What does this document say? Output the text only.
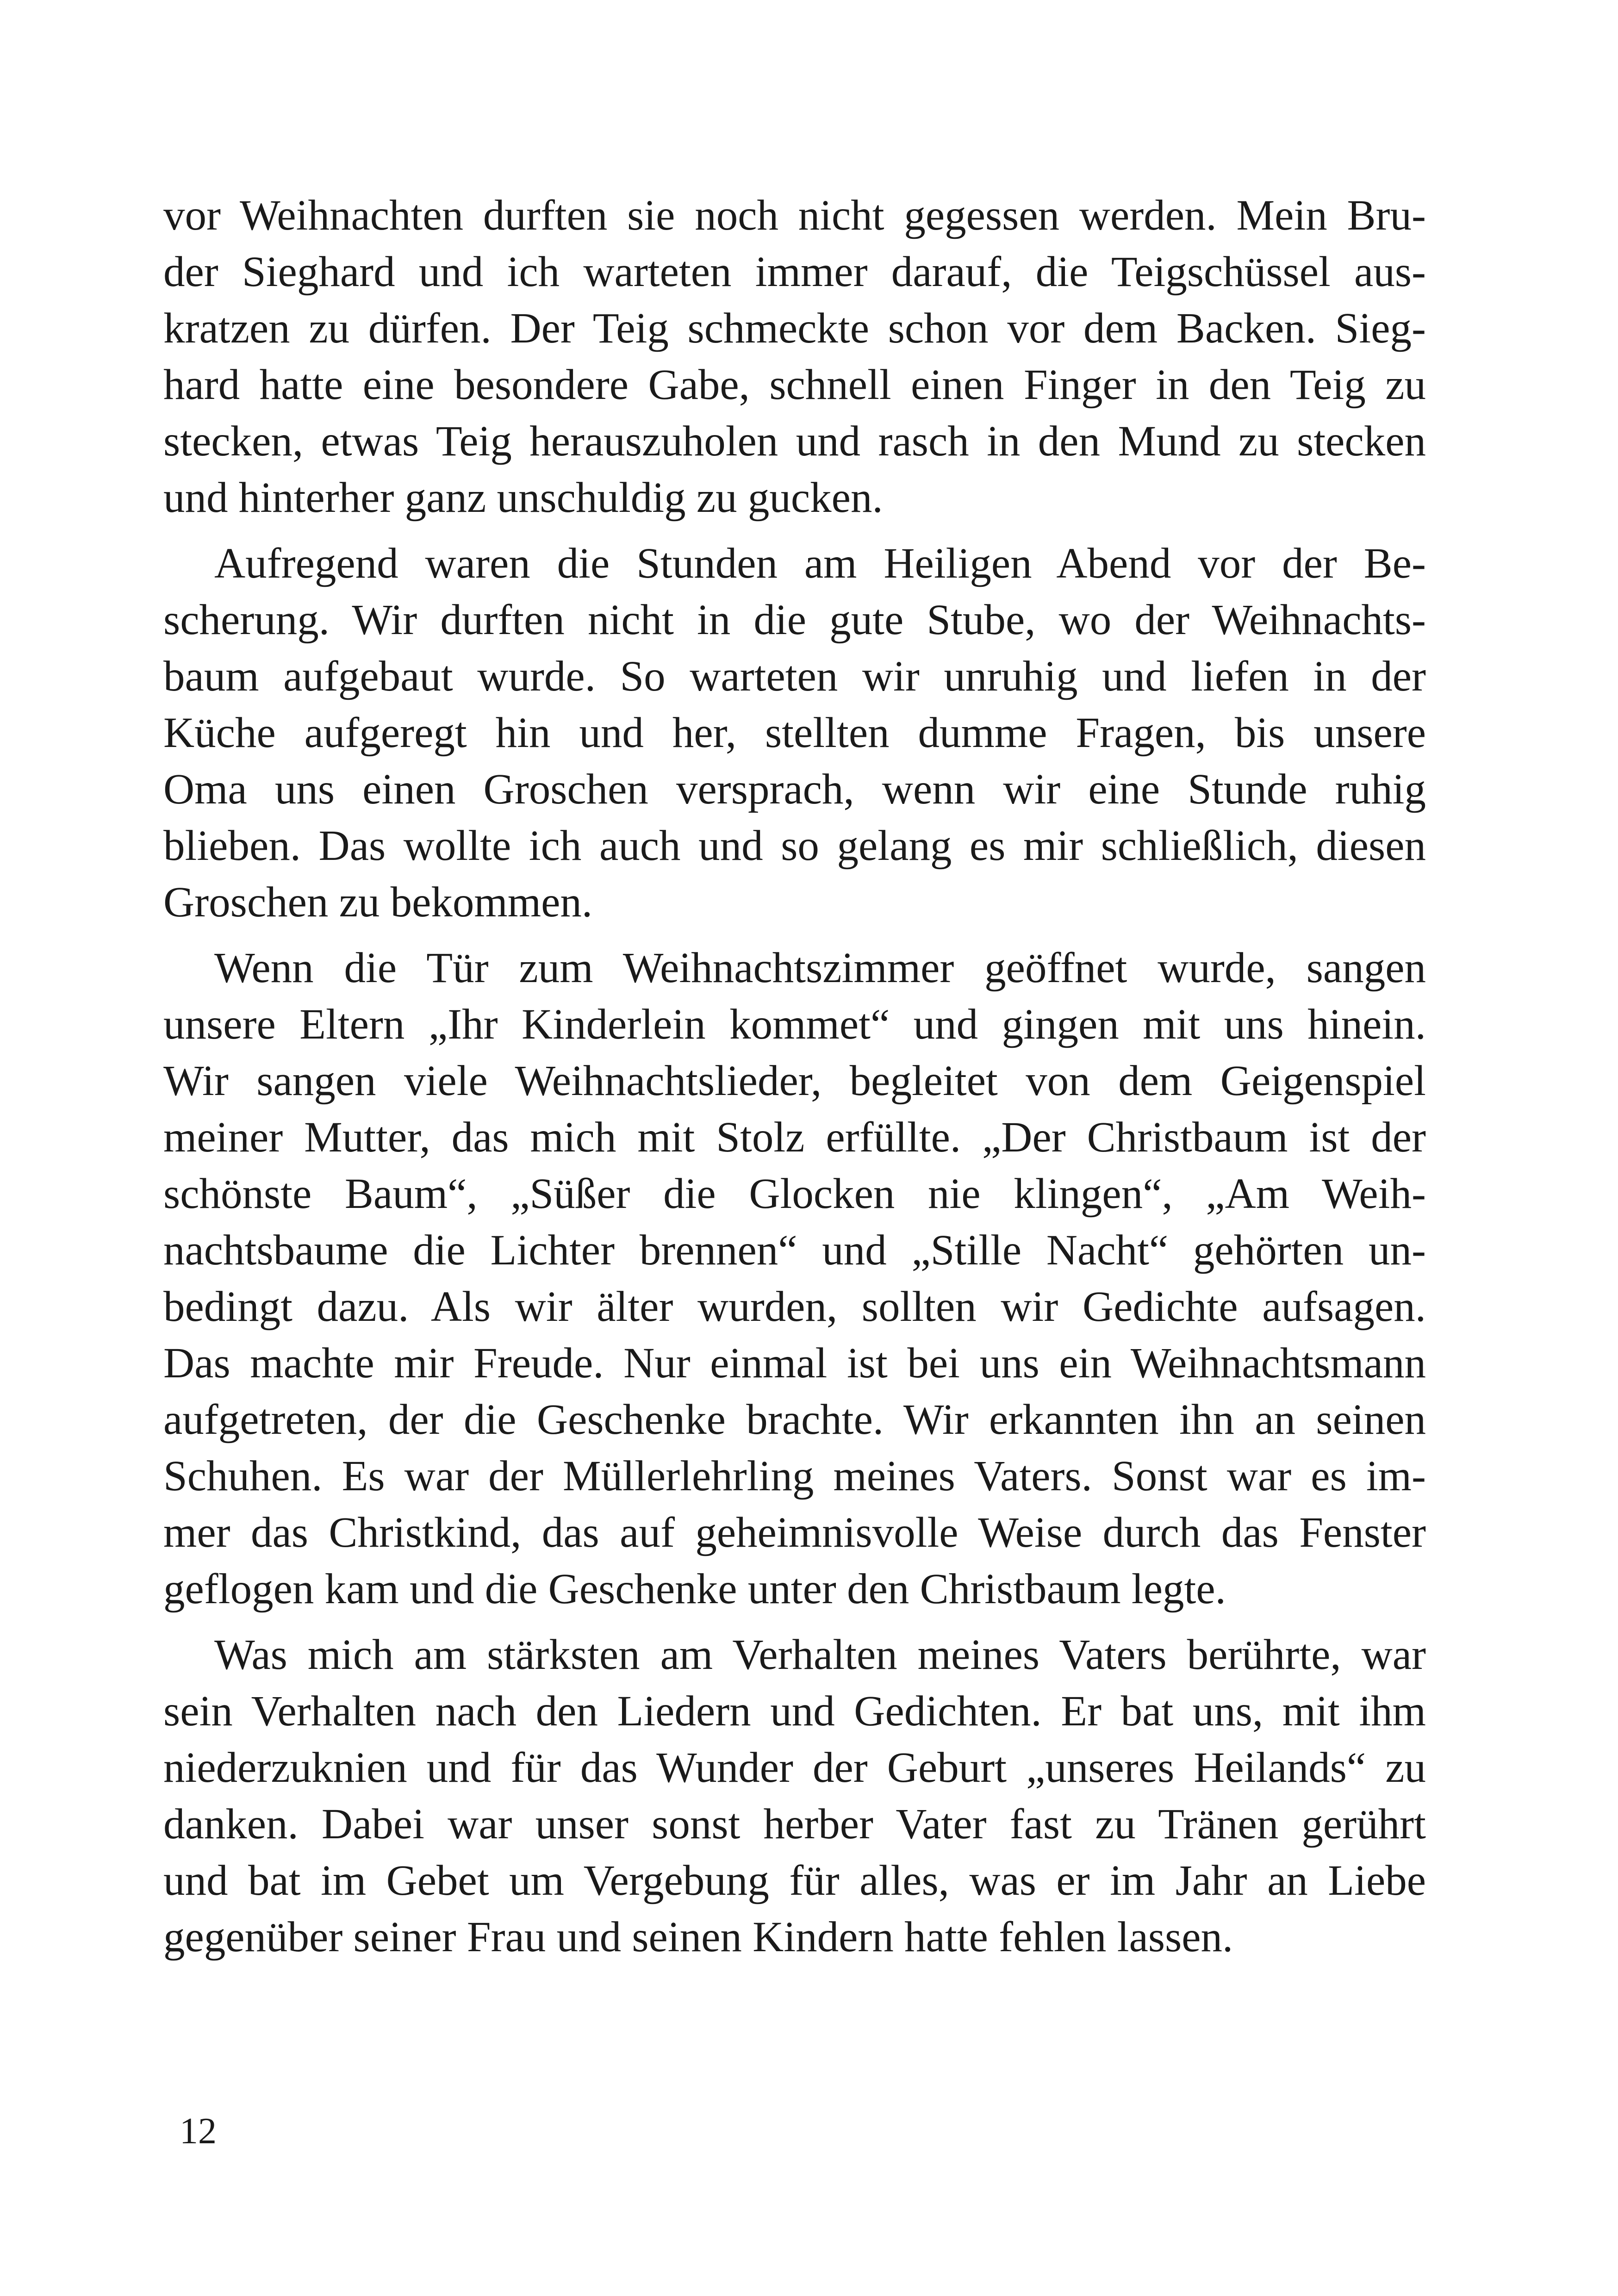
vor Weihnachten durften sie noch nicht gegessen werden. Mein Bru-
der Sieghard und ich warteten immer darauf, die Teigschüssel aus-
kratzen zu dürfen. Der Teig schmeckte schon vor dem Backen. Sieg-
hard hatte eine besondere Gabe, schnell einen Finger in den Teig zu
stecken, etwas Teig herauszuholen und rasch in den Mund zu stecken
und hinterher ganz unschuldig zu gucken.

Aufregend waren die Stunden am Heiligen Abend vor der Be-
scherung. Wir durften nicht in die gute Stube, wo der Weihnachts-
baum aufgebaut wurde. So warteten wir unruhig und liefen in der
Küche aufgeregt hin und her, stellten dumme Fragen, bis unsere
Oma uns einen Groschen versprach, wenn wir eine Stunde ruhig
blieben. Das wollte ich auch und so gelang es mir schließlich, diesen
Groschen zu bekommen.

Wenn die Tür zum Weihnachtszimmer geöffnet wurde, sangen
unsere Eltern „Ihr Kinderlein kommet“ und gingen mit uns hinein.
Wir sangen viele Weihnachtslieder, begleitet von dem Geigenspiel
meiner Mutter, das mich mit Stolz erfüllte. „Der Christbaum ist der
schönste Baum“, „Süßer die Glocken nie klingen“, „Am Weih-
nachtsbaume die Lichter brennen“ und „Stille Nacht“ gehörten un-
bedingt dazu. Als wir älter wurden, sollten wir Gedichte aufsagen.
Das machte mir Freude. Nur einmal ist bei uns ein Weihnachtsmann
aufgetreten, der die Geschenke brachte. Wir erkannten ihn an seinen
Schuhen. Es war der Müllerlehrling meines Vaters. Sonst war es im-
mer das Christkind, das auf geheimnisvolle Weise durch das Fenster
geflogen kam und die Geschenke unter den Christbaum legte.

Was mich am stärksten am Verhalten meines Vaters berührte, war
sein Verhalten nach den Liedern und Gedichten. Er bat uns, mit ihm
niederzuknien und für das Wunder der Geburt „unseres Heilands“ zu
danken. Dabei war unser sonst herber Vater fast zu Tränen gerührt
und bat im Gebet um Vergebung für alles, was er im Jahr an Liebe
gegenüber seiner Frau und seinen Kindern hatte fehlen lassen.

12
